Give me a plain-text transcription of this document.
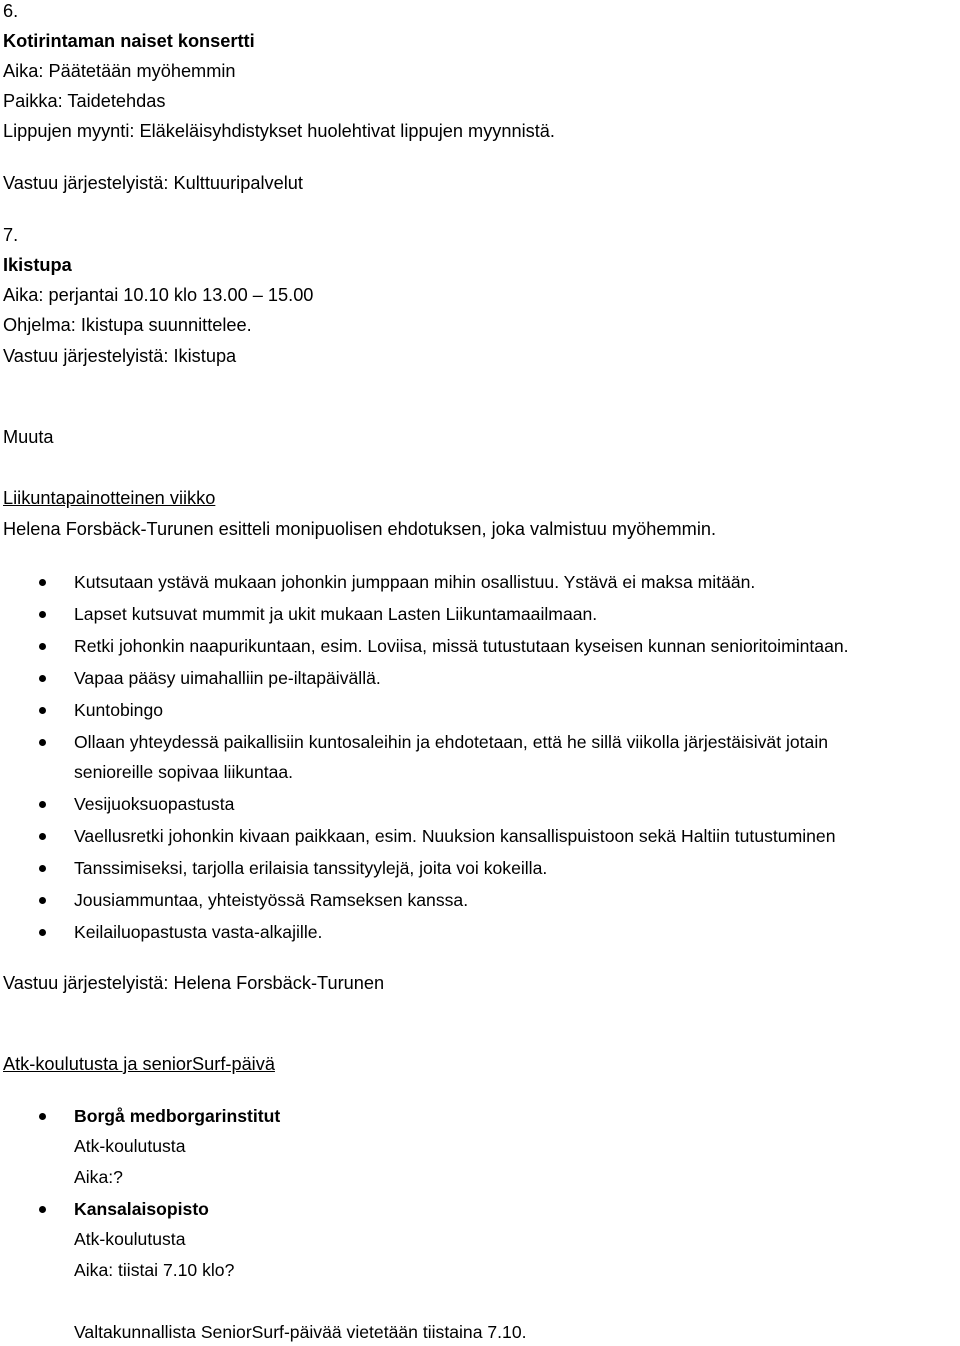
6.
Kotirintaman naiset konsertti
Aika: Päätetään myöhemmin
Paikka: Taidetehdas
Lippujen myynti: Eläkeläisyhdistykset huolehtivat lippujen myynnistä.
Vastuu järjestelyistä: Kulttuuripalvelut
7.
Ikistupa
Aika: perjantai 10.10 klo 13.00 – 15.00
Ohjelma: Ikistupa suunnittelee.
Vastuu järjestelyistä: Ikistupa
Muuta
Liikuntapainotteinen viikko
Helena Forsbäck-Turunen esitteli monipuolisen ehdotuksen, joka valmistuu myöhemmin.
Kutsutaan ystävä mukaan johonkin jumppaan mihin osallistuu. Ystävä ei maksa mitään.
Lapset kutsuvat mummit ja ukit mukaan Lasten Liikuntamaailmaan.
Retki johonkin naapurikuntaan, esim. Loviisa, missä tutustutaan kyseisen kunnan senioritoimintaan.
Vapaa pääsy uimahalliin pe-iltapäivällä.
Kuntobingo
Ollaan yhteydessä paikallisiin kuntosaleihin ja ehdotetaan, että he sillä viikolla järjestäisivät jotain
senioreille sopivaa liikuntaa.
Vesijuoksuopastusta
Vaellusretki johonkin kivaan paikkaan, esim. Nuuksion kansallispuistoon sekä Haltiin tutustuminen
Tanssimiseksi, tarjolla erilaisia tanssityylejä, joita voi kokeilla.
Jousiammuntaa, yhteistyössä Ramseksen kanssa.
Keilailuopastusta vasta-alkajille.
Vastuu järjestelyistä: Helena Forsbäck-Turunen
Atk-koulutusta ja seniorSurf-päivä
Borgå medborgarinstitut
Atk-koulutusta
Aika:?
Kansalaisopisto
Atk-koulutusta
Aika: tiistai 7.10 klo?
Valtakunnallista SeniorSurf-päivää vietetään tiistaina 7.10.
